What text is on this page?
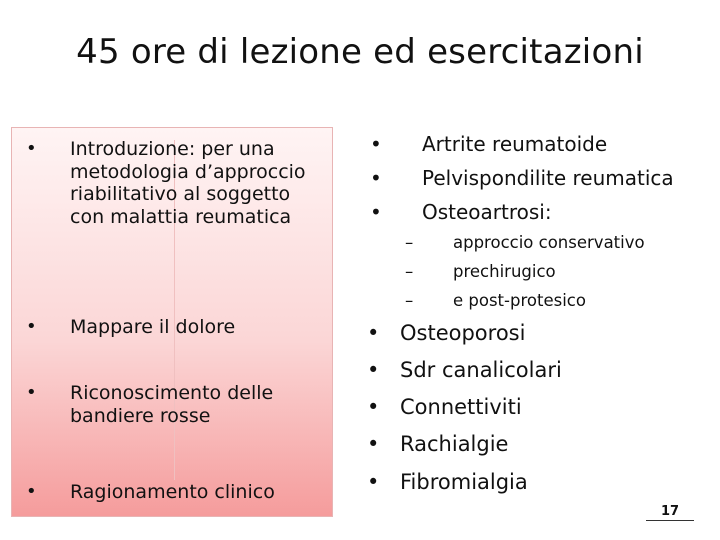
45 ore di lezione ed esercitazioni
• Introduzione: per una metodologia d’approccio riabilitativo al soggetto con malattia reumatica
• Mappare il dolore
• Riconoscimento delle bandiere rosse
• Ragionamento clinico
• Artrite reumatoide
• Pelvispondilite reumatica
• Osteoartrosi:
– approccio conservativo
– prechirugico
– e post-protesico
• Osteoporosi
• Sdr canalicolari
• Connettiviti
• Rachialgie
• Fibromialgia
17
